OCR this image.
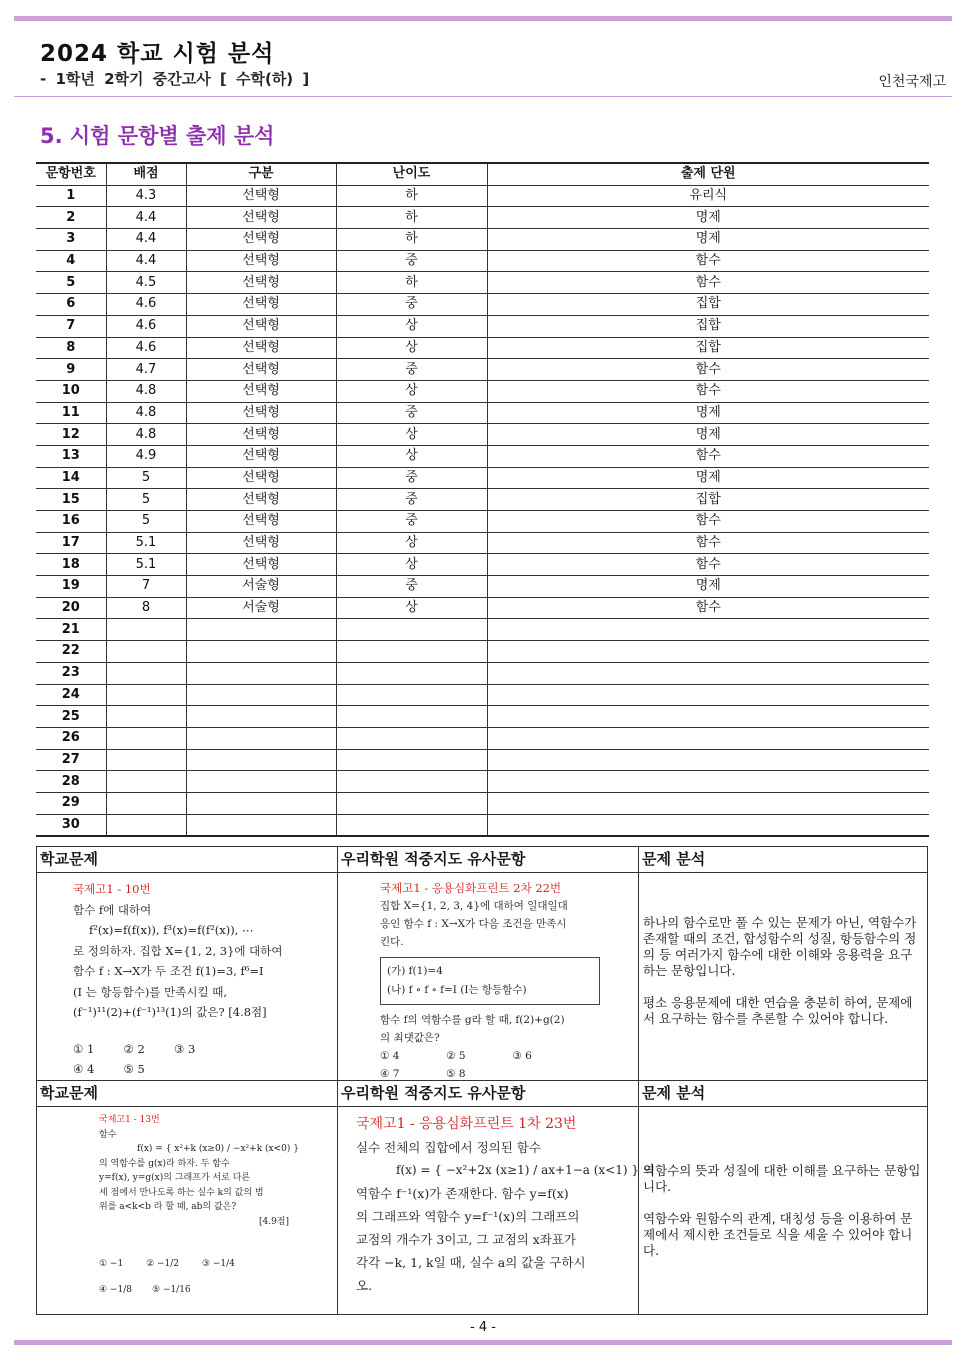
2024 학교 시험 분석
- 1학년 2학기 중간고사 [ 수학(하) ]	인천국제고
5. 시험 문항별 출제 분석
문항번호	배점	구분	난이도	출제 단원
1	4.3	선택형	하	유리식
2	4.4	선택형	하	명제
3	4.4	선택형	하	명제
4	4.4	선택형	중	함수
5	4.5	선택형	하	함수
6	4.6	선택형	중	집합
7	4.6	선택형	상	집합
8	4.6	선택형	상	집합
9	4.7	선택형	중	함수
10	4.8	선택형	상	함수
11	4.8	선택형	중	명제
12	4.8	선택형	상	명제
13	4.9	선택형	상	함수
14	5	선택형	중	명제
15	5	선택형	중	집합
16	5	선택형	중	함수
17	5.1	선택형	상	함수
18	5.1	선택형	상	함수
19	7	서술형	중	명제
20	8	서술형	상	함수
21				
22				
23				
24				
25				
26				
27				
28				
29				
30				
학교문제
국제고1 - 10번
함수 f에 대하여
f²(x)=f(f(x)), f³(x)=f(f²(x)), ⋯
로 정의하자. 집합 X={1, 2, 3}에 대하여
함수 f : X→X가 두 조건 f(1)=3, f⁶=I
(I 는 항등함수)를 만족시킬 때,
(f⁻¹)¹¹(2)+(f⁻¹)¹³(1)의 값은? [4.8점]
① 1        ② 2        ③ 3
④ 4        ⑤ 5
우리학원 적중지도 유사문항
국제고1 - 응용심화프린트 2차 22번
집합 X={1, 2, 3, 4}에 대하여 일대일대
응인 함수 f : X→X가 다음 조건을 만족시
킨다.
(가) f(1)=4
(나) f ∘ f ∘ f=I (I는 항등함수)
함수 f의 역함수를 g라 할 때, f(2)+g(2)
의 최댓값은?
① 4              ② 5              ③ 6
④ 7              ⑤ 8
문제 분석
하나의 함수로만 풀 수 있는 문제가 아닌, 역함수가 존재할 때의 조건, 합성함수의 성질, 항등함수의 정의 등 여러가지 함수에 대한 이해와 응용력을 요구하는 문항입니다.
평소 응용문제에 대한 연습을 충분히 하여, 문제에서 요구하는 함수를 추론할 수 있어야 합니다.
학교문제
국제고1 - 13번
함수
f(x) = { x²+k (x≥0) / −x²+k (x<0) }
의 역함수를 g(x)라 하자. 두 함수
y=f(x), y=g(x)의 그래프가 서로 다른
세 점에서 만나도록 하는 실수 k의 값의 범
위를 a<k<b 라 할 때, ab의 값은?
[4.9점]
① −1        ② −1/2        ③ −1/4
④ −1/8       ⑤ −1/16
우리학원 적중지도 유사문항
국제고1 - 응용심화프린트 1차 23번
실수 전체의 집합에서 정의된 함수
f(x) = { −x²+2x (x≥1) / ax+1−a (x<1) } 의
역함수 f⁻¹(x)가 존재한다. 함수 y=f(x)
의 그래프와 역함수 y=f⁻¹(x)의 그래프의
교점의 개수가 3이고, 그 교점의 x좌표가
각각 −k, 1, k일 때, 실수 a의 값을 구하시
오.
문제 분석
역함수의 뜻과 성질에 대한 이해를 요구하는 문항입니다.
역함수와 원함수의 관계, 대칭성 등을 이용하여 문제에서 제시한 조건들로 식을 세울 수 있어야 합니다.
- 4 -
